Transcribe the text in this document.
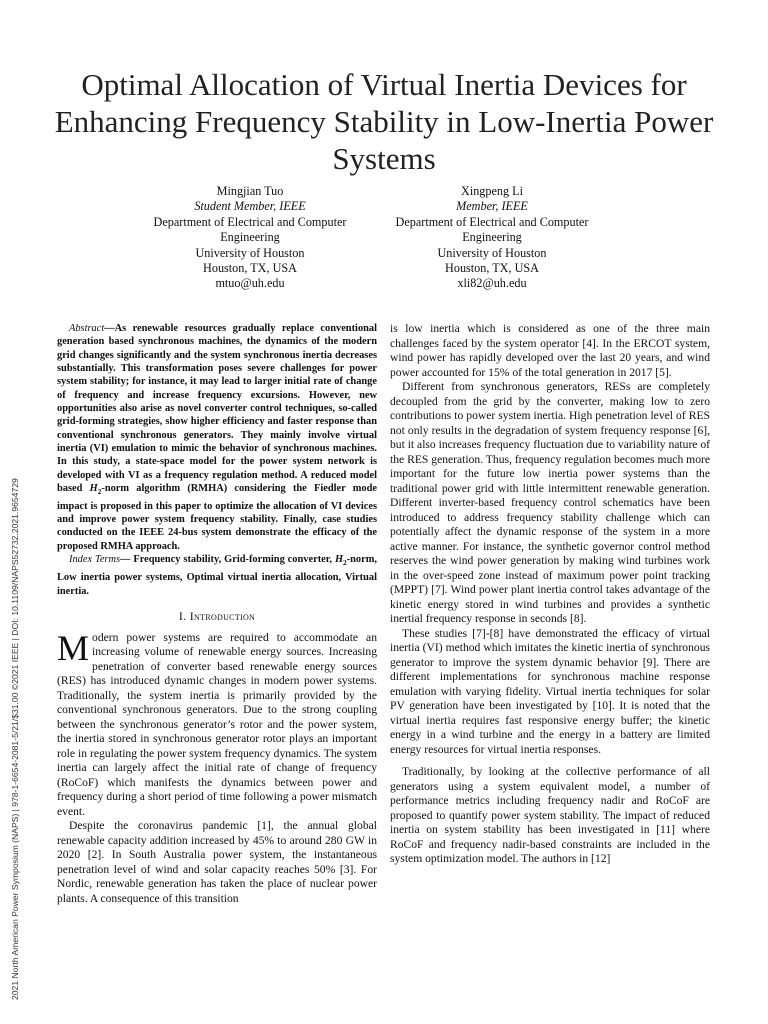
Optimal Allocation of Virtual Inertia Devices for Enhancing Frequency Stability in Low-Inertia Power Systems
Mingjian Tuo
Student Member, IEEE
Department of Electrical and Computer Engineering
University of Houston
Houston, TX, USA
mtuo@uh.edu
Xingpeng Li
Member, IEEE
Department of Electrical and Computer Engineering
University of Houston
Houston, TX, USA
xli82@uh.edu

Abstract—As renewable resources gradually replace conventional generation based synchronous machines, the dynamics of the modern grid changes significantly and the system synchronous inertia decreases substantially. This transformation poses severe challenges for power system stability; for instance, it may lead to larger initial rate of change of frequency and increase frequency excursions. However, new opportunities also arise as novel converter control techniques, so-called grid-forming strategies, show higher efficiency and faster response than conventional synchronous generators. They mainly involve virtual inertia (VI) emulation to mimic the behavior of synchronous machines. In this study, a state-space model for the power system network is developed with VI as a frequency regulation method. A reduced model based $H_2$-norm algorithm (RMHA) considering the Fiedler mode impact is proposed in this paper to optimize the allocation of VI devices and improve power system frequency stability. Finally, case studies conducted on the IEEE 24-bus system demonstrate the efficacy of the proposed RMHA approach.

Index Terms— Frequency stability, Grid-forming converter, $H_2$-norm, Low inertia power systems, Optimal virtual inertia allocation, Virtual inertia.

I. Introduction

Modern power systems are required to accommodate an increasing volume of renewable energy sources. Increasing penetration of converter based renewable energy sources (RES) has introduced dynamic changes in modern power systems. Traditionally, the system inertia is primarily provided by the conventional synchronous generators. Due to the strong coupling between the synchronous generator’s rotor and the power system, the inertia stored in synchronous generator rotor plays an important role in regulating the power system frequency dynamics. The system inertia can largely affect the initial rate of change of frequency (RoCoF) which manifests the dynamics between power and frequency during a short period of time following a power mismatch event.

Despite the coronavirus pandemic [1], the annual global renewable capacity addition increased by 45% to around 280 GW in 2020 [2]. In South Australia power system, the instantaneous penetration level of wind and solar capacity reaches 50% [3]. For Nordic, renewable generation has taken the place of nuclear power plants. A consequence of this transition

is low inertia which is considered as one of the three main challenges faced by the system operator [4]. In the ERCOT system, wind power has rapidly developed over the last 20 years, and wind power accounted for 15% of the total generation in 2017 [5].

Different from synchronous generators, RESs are completely decoupled from the grid by the converter, making low to zero contributions to power system inertia. High penetration level of RES not only results in the degradation of system frequency response [6], but it also increases frequency fluctuation due to variability nature of the RES generation. Thus, frequency regulation becomes much more important for the future low inertia power systems than the traditional power grid with little intermittent renewable generation. Different inverter-based frequency control schematics have been introduced to address frequency stability challenge which can potentially affect the dynamic response of the system in a more active manner. For instance, the synthetic governor control method reserves the wind power generation by making wind turbines work in the over-speed zone instead of maximum power point tracking (MPPT) [7]. Wind power plant inertia control takes advantage of the kinetic energy stored in wind turbines and provides a synthetic inertial frequency response in seconds [8].

These studies [7]-[8] have demonstrated the efficacy of virtual inertia (VI) method which imitates the kinetic inertia of synchronous generator to improve the system dynamic behavior [9]. There are different implementations for synchronous machine response emulation with varying fidelity. Virtual inertia techniques for solar PV generation have been investigated by [10]. It is noted that the virtual inertia requires fast responsive energy buffer; the kinetic energy in a wind turbine and the energy in a battery are limited energy resources for virtual inertia responses.

Traditionally, by looking at the collective performance of all generators using a system equivalent model, a number of performance metrics including frequency nadir and RoCoF are proposed to quantify power system stability. The impact of reduced inertia on system stability has been investigated in [11] where RoCoF and frequency nadir-based constraints are included in the system optimization model. The authors in [12]

2021 North American Power Symposium (NAPS) | 978-1-6654-2081-5/21/$31.00 ©2021 IEEE | DOI: 10.1109/NAPS52732.2021.9654729
